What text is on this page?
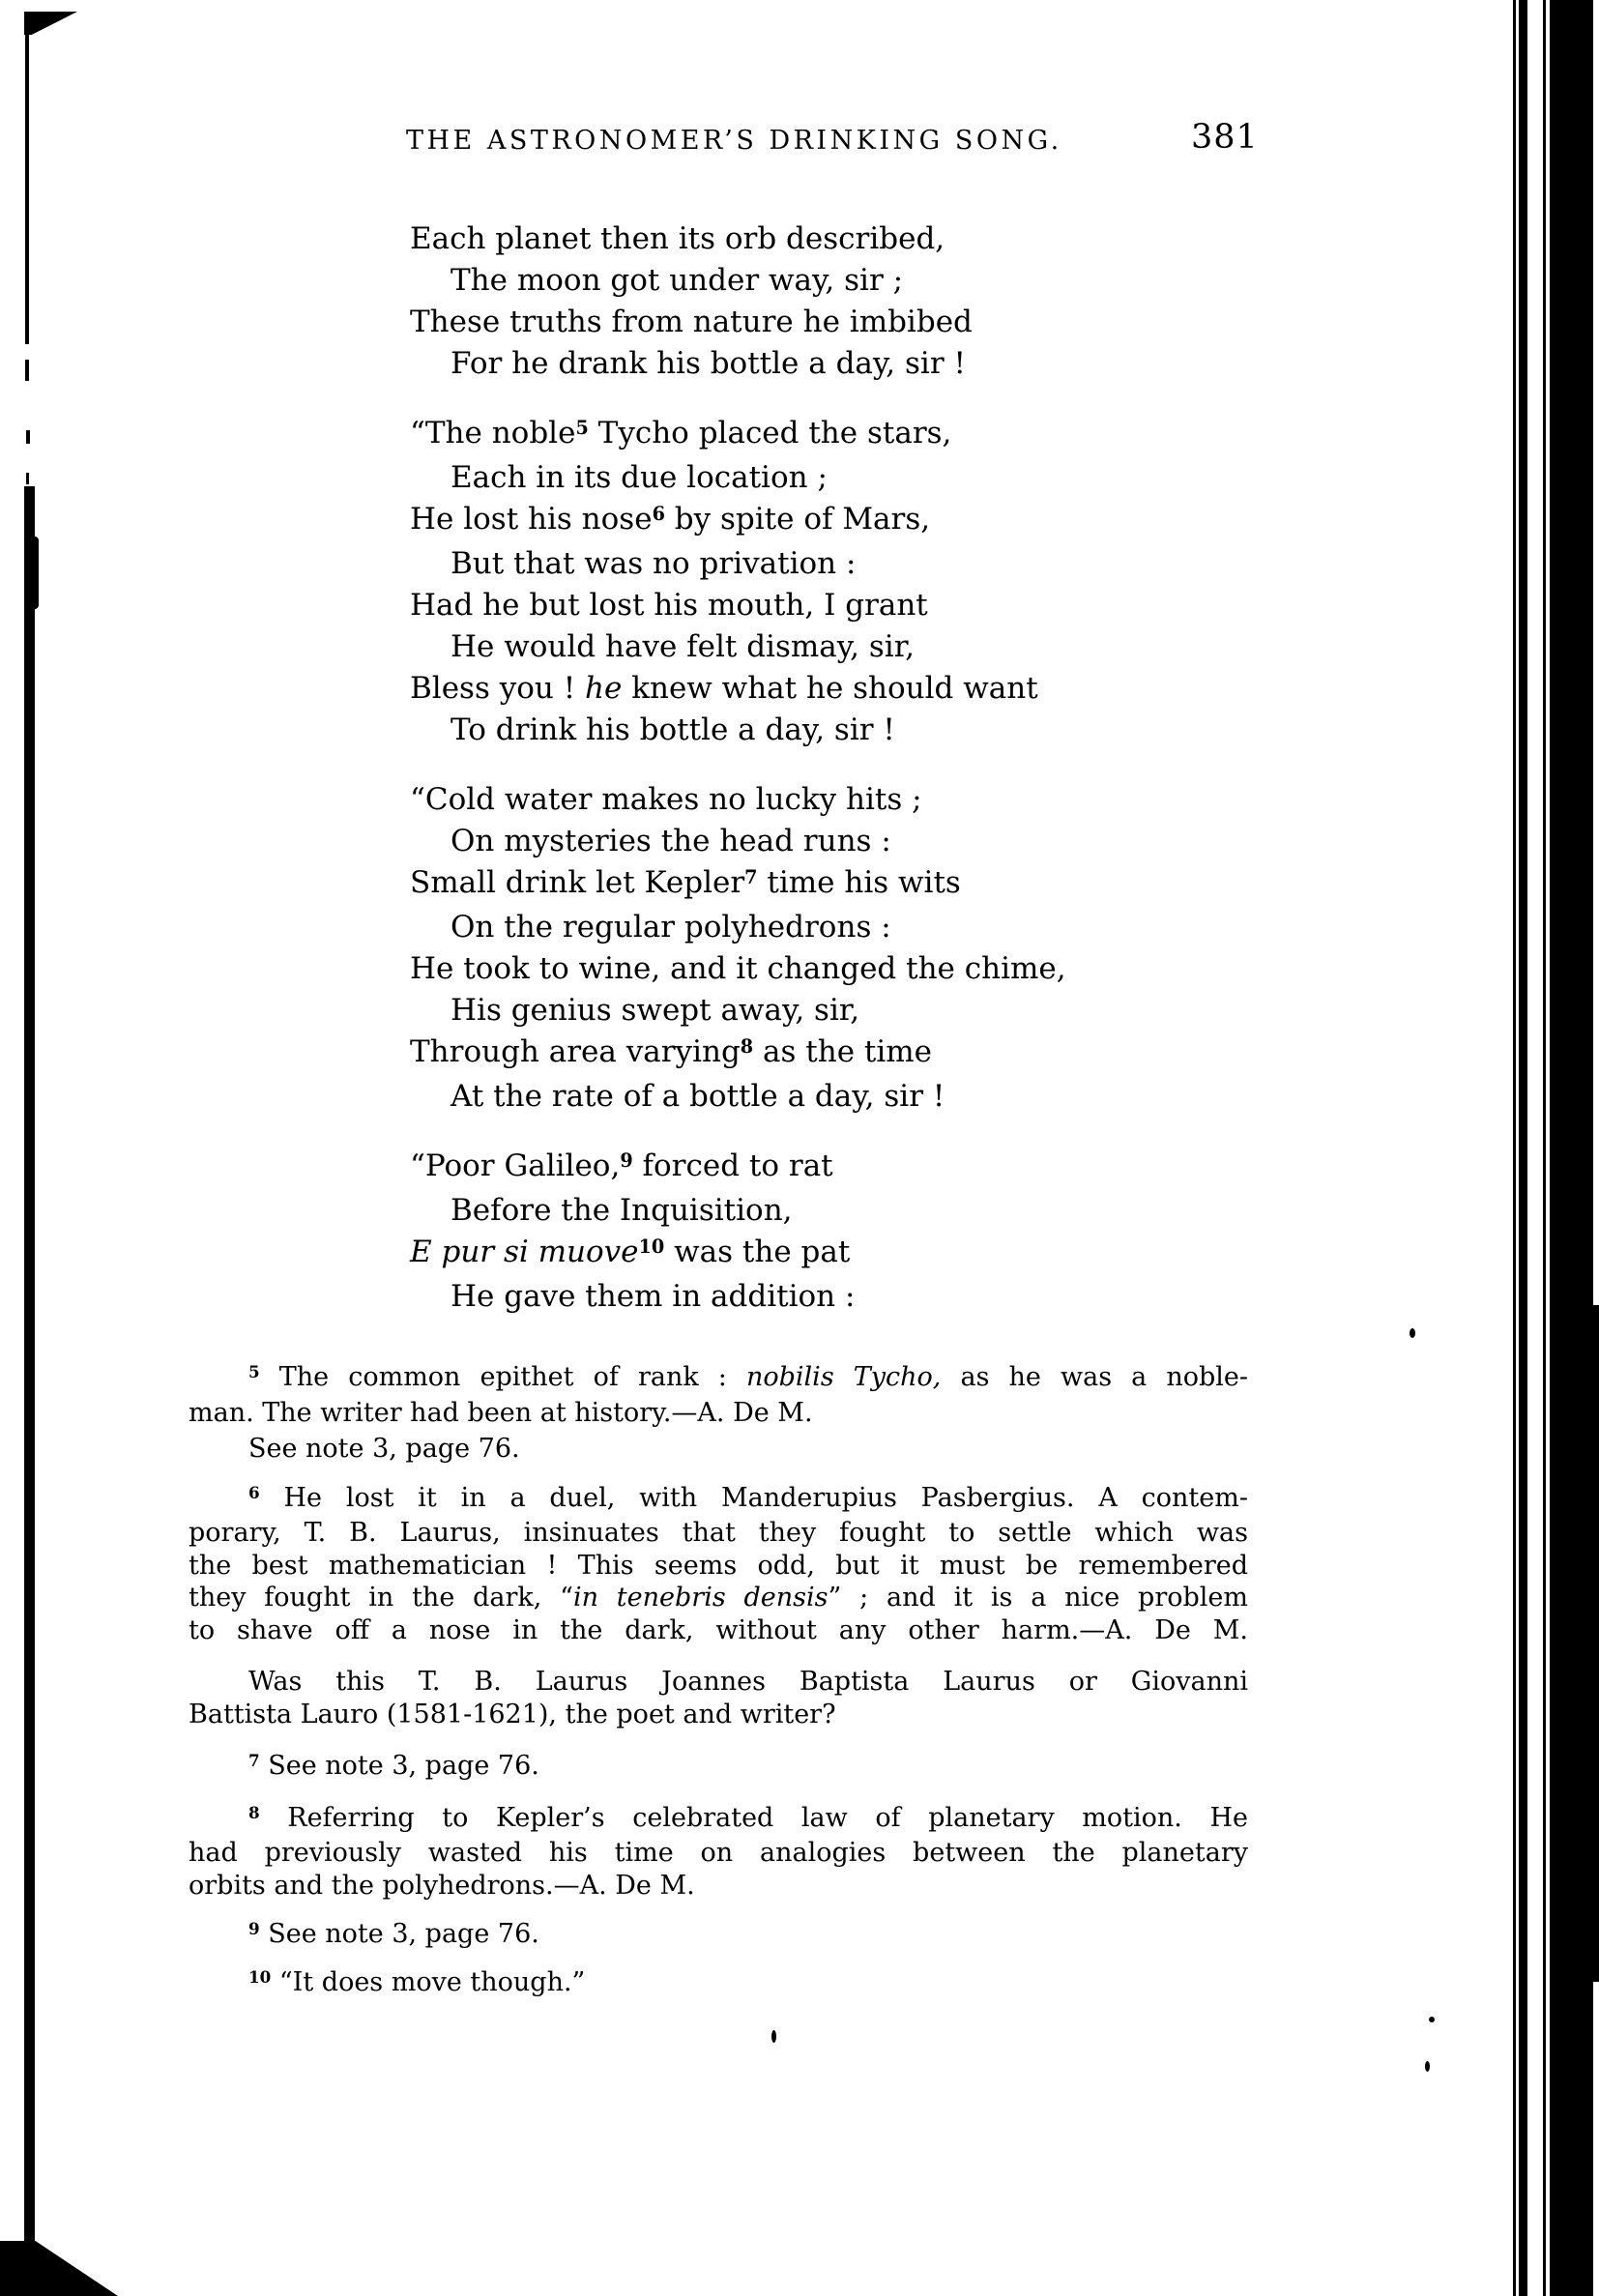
THE ASTRONOMER’S DRINKING SONG.	381
Each planet then its orb described,
The moon got under way, sir ;
These truths from nature he imbibed
For he drank his bottle a day, sir !
“The noble$^5$ Tycho placed the stars,
Each in its due location ;
He lost his nose$^6$ by spite of Mars,
But that was no privation :
Had he but lost his mouth, I grant
He would have felt dismay, sir,
Bless you ! he knew what he should want
To drink his bottle a day, sir !
“Cold water makes no lucky hits ;
On mysteries the head runs :
Small drink let Kepler$^7$ time his wits
On the regular polyhedrons :
He took to wine, and it changed the chime,
His genius swept away, sir,
Through area varying$^8$ as the time
At the rate of a bottle a day, sir !
“Poor Galileo,$^9$ forced to rat
Before the Inquisition,
E pur si muove$^{10}$ was the pat
He gave them in addition :
$^5$ The common epithet of rank : nobilis Tycho, as he was a noble-
man. The writer had been at history.—A. De M.
See note 3, page 76.
$^6$ He lost it in a duel, with Manderupius Pasbergius. A contem-
porary, T. B. Laurus, insinuates that they fought to settle which was
the best mathematician ! This seems odd, but it must be remembered
they fought in the dark, “in tenebris densis” ; and it is a nice problem
to shave off a nose in the dark, without any other harm.—A. De M.
Was this T. B. Laurus Joannes Baptista Laurus or Giovanni
Battista Lauro (1581-1621), the poet and writer?
$^7$ See note 3, page 76.
$^8$ Referring to Kepler’s celebrated law of planetary motion. He
had previously wasted his time on analogies between the planetary
orbits and the polyhedrons.—A. De M.
$^9$ See note 3, page 76.
$^{10}$ “It does move though.”
